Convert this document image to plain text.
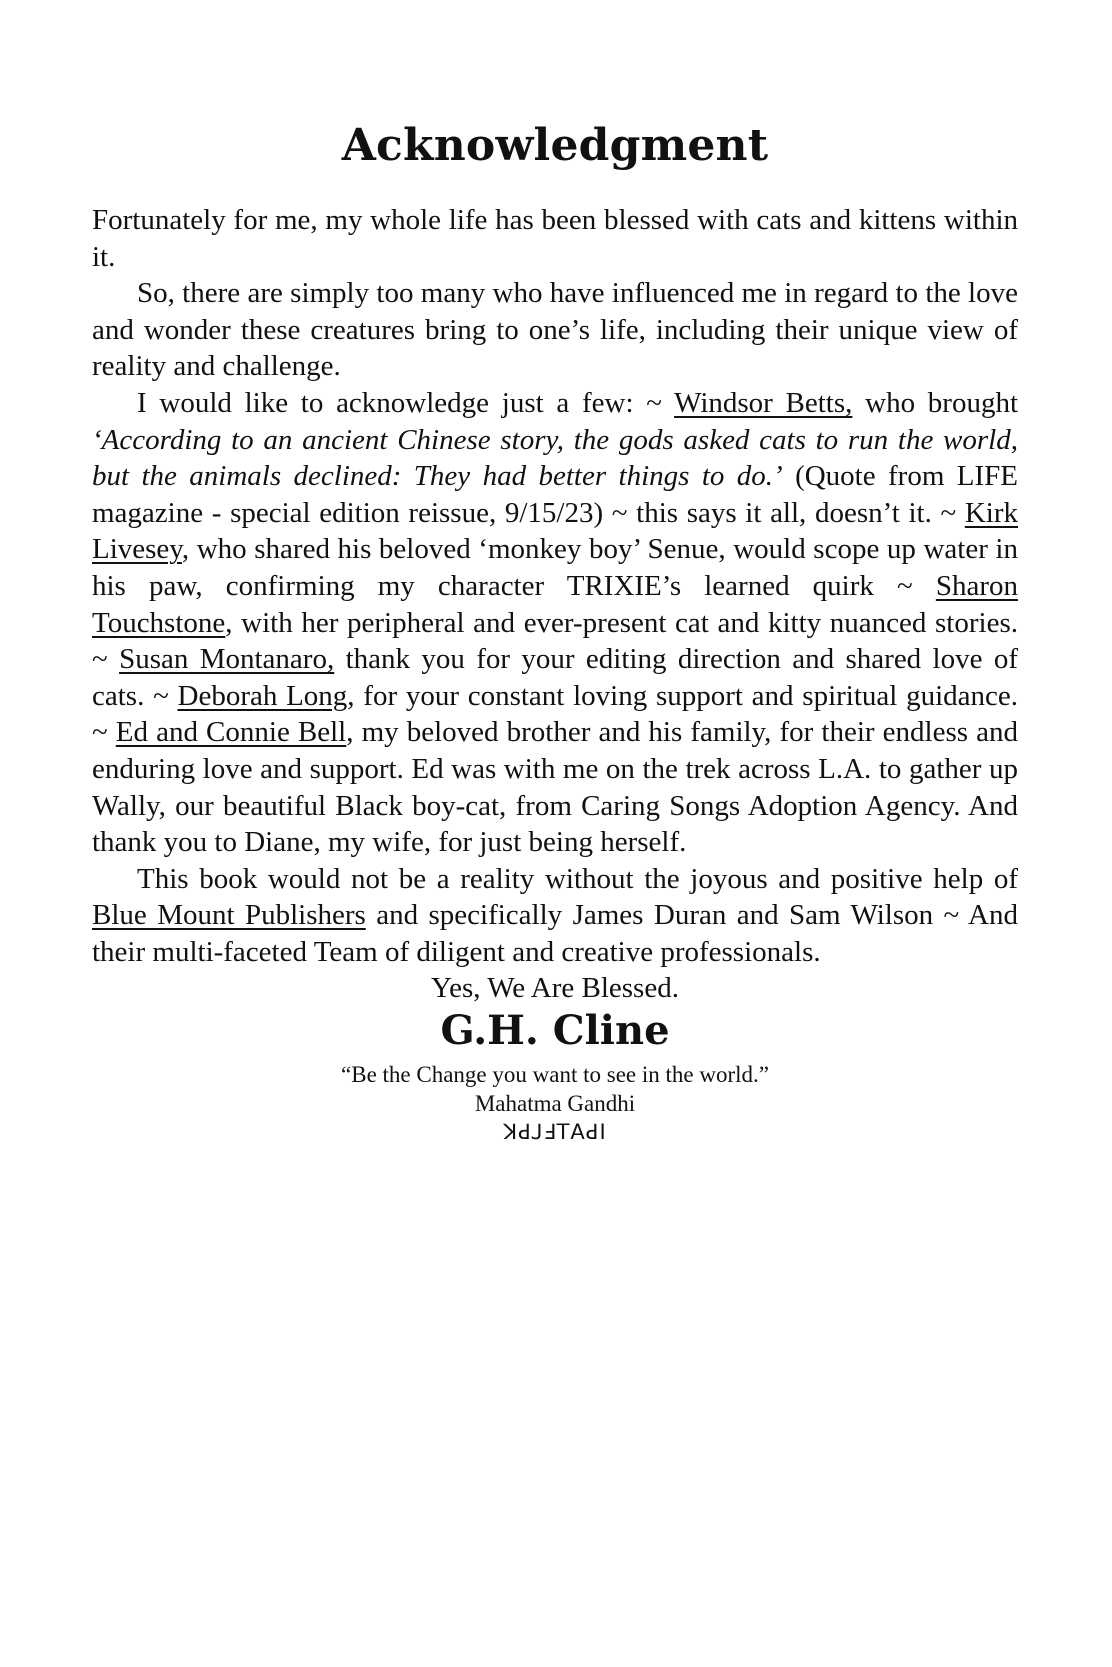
Acknowledgment

Fortunately for me, my whole life has been blessed with cats and kittens within it.

So, there are simply too many who have influenced me in regard to the love and wonder these creatures bring to one’s life, including their unique view of reality and challenge.

I would like to acknowledge just a few: ~ Windsor Betts, who brought ‘According to an ancient Chinese story, the gods asked cats to run the world, but the animals declined: They had better things to do.’ (Quote from LIFE magazine - special edition reissue, 9/15/23) ~ this says it all, doesn’t it. ~ Kirk Livesey, who shared his beloved ‘monkey boy’ Senue, would scope up water in his paw, confirming my character TRIXIE’s learned quirk ~ Sharon Touchstone, with her peripheral and ever-present cat and kitty nuanced stories. ~ Susan Montanaro, thank you for your editing direction and shared love of cats. ~ Deborah Long, for your constant loving support and spiritual guidance. ~ Ed and Connie Bell, my beloved brother and his family, for their endless and enduring love and support. Ed was with me on the trek across L.A. to gather up Wally, our beautiful Black boy-cat, from Caring Songs Adoption Agency. And thank you to Diane, my wife, for just being herself.

This book would not be a reality without the joyous and positive help of Blue Mount Publishers and specifically James Duran and Sam Wilson ~ And their multi-faceted Team of diligent and creative professionals.

Yes, We Are Blessed.
G.H. Cline
“Be the Change you want to see in the world.”
Mahatma Gandhi
ꓘꓒꓙꓞꓔꓮꓒꓲ
